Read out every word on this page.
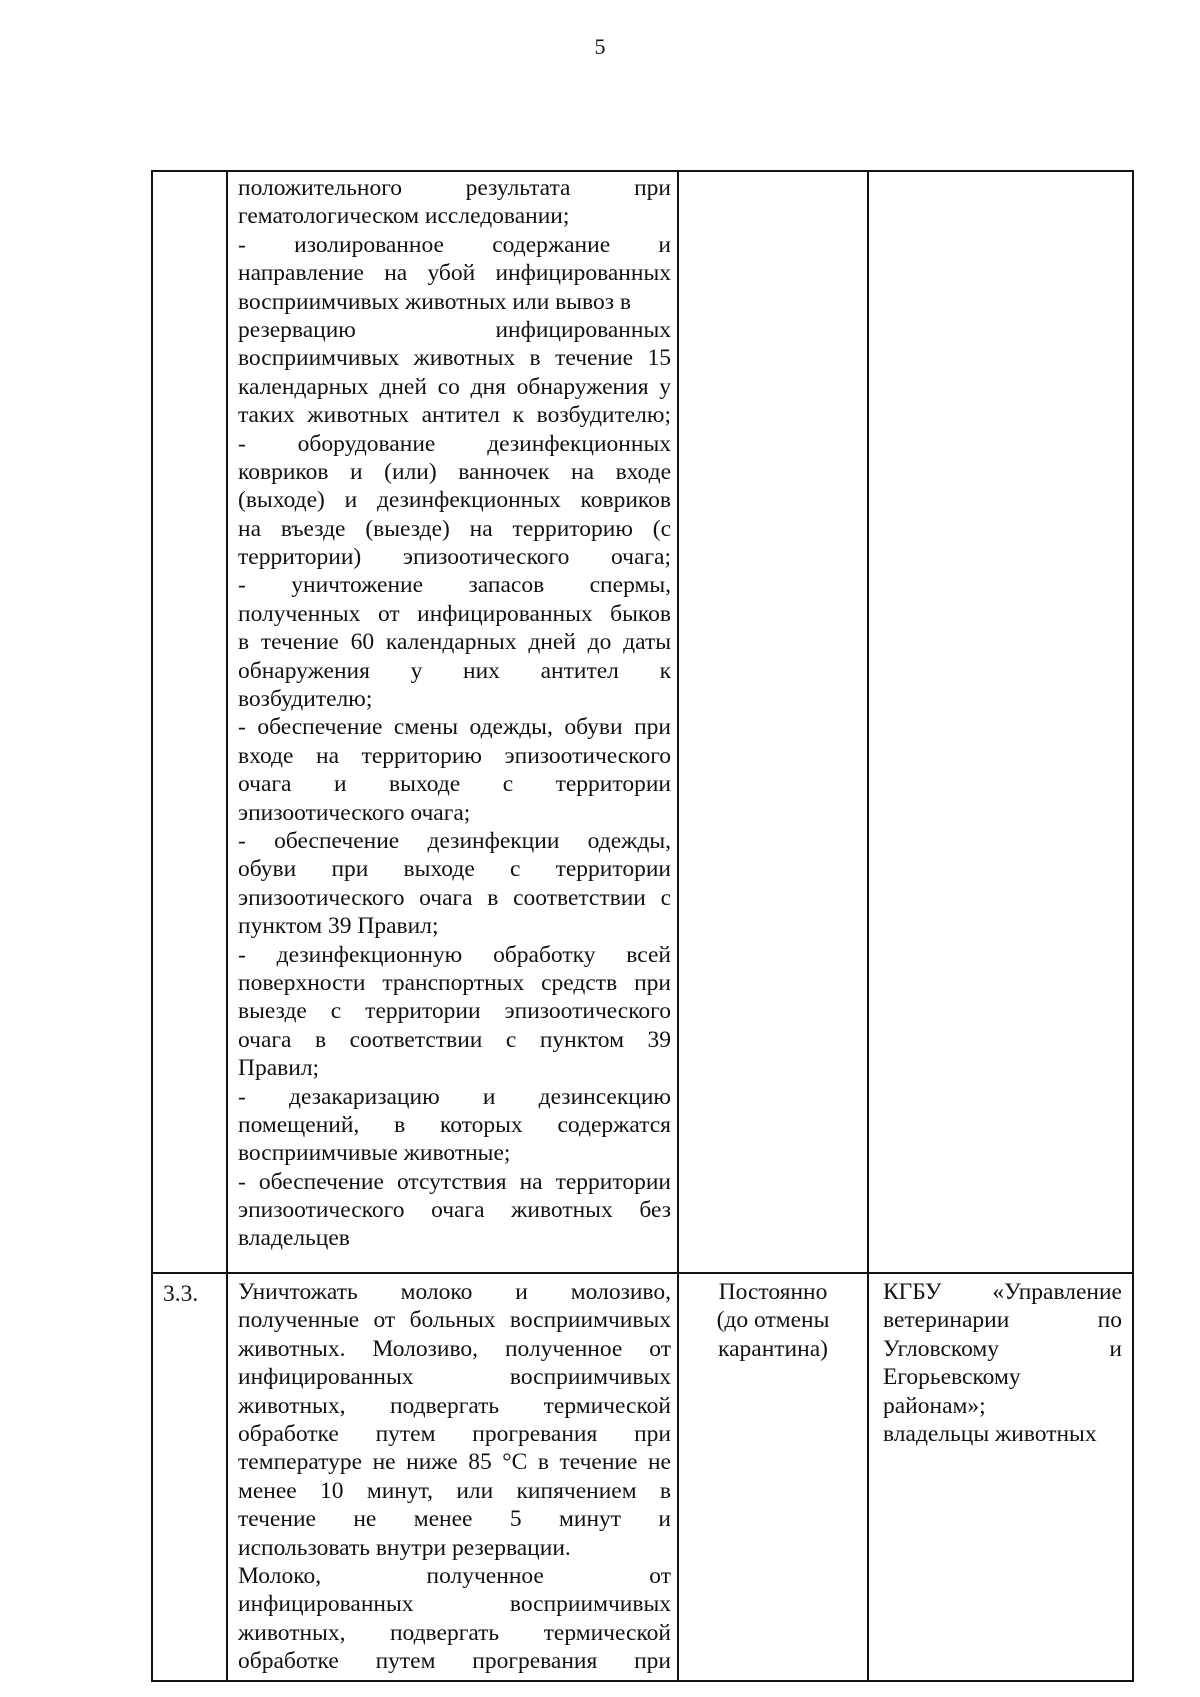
5
положительного результата при
гематологическом исследовании;
- изолированное содержание и
направление на убой инфицированных
восприимчивых животных или вывоз в
резервацию инфицированных
восприимчивых животных в течение 15
календарных дней со дня обнаружения у
таких животных антител к возбудителю;
- оборудование дезинфекционных
ковриков и (или) ванночек на входе
(выходе) и дезинфекционных ковриков
на въезде (выезде) на территорию (с
территории) эпизоотического очага;
- уничтожение запасов спермы,
полученных от инфицированных быков
в течение 60 календарных дней до даты
обнаружения у них антител к
возбудителю;
- обеспечение смены одежды, обуви при
входе на территорию эпизоотического
очага и выходе с территории
эпизоотического очага;
- обеспечение дезинфекции одежды,
обуви при выходе с территории
эпизоотического очага в соответствии с
пунктом 39 Правил;
- дезинфекционную обработку всей
поверхности транспортных средств при
выезде с территории эпизоотического
очага в соответствии с пунктом 39
Правил;
- дезакаризацию и дезинсекцию
помещений, в которых содержатся
восприимчивые животные;
- обеспечение отсутствия на территории
эпизоотического очага животных без
владельцев
3.3.	Уничтожать молоко и молозиво,
полученные от больных восприимчивых
животных. Молозиво, полученное от
инфицированных восприимчивых
животных, подвергать термической
обработке путем прогревания при
температуре не ниже 85 °С в течение не
менее 10 минут, или кипячением в
течение не менее 5 минут и
использовать внутри резервации.
Молоко, полученное от
инфицированных восприимчивых
животных, подвергать термической
обработке путем прогревания при
Постоянно
(до отмены
карантина)
КГБУ «Управление
ветеринарии по
Угловскому и
Егорьевскому
районам»;
владельцы животных
